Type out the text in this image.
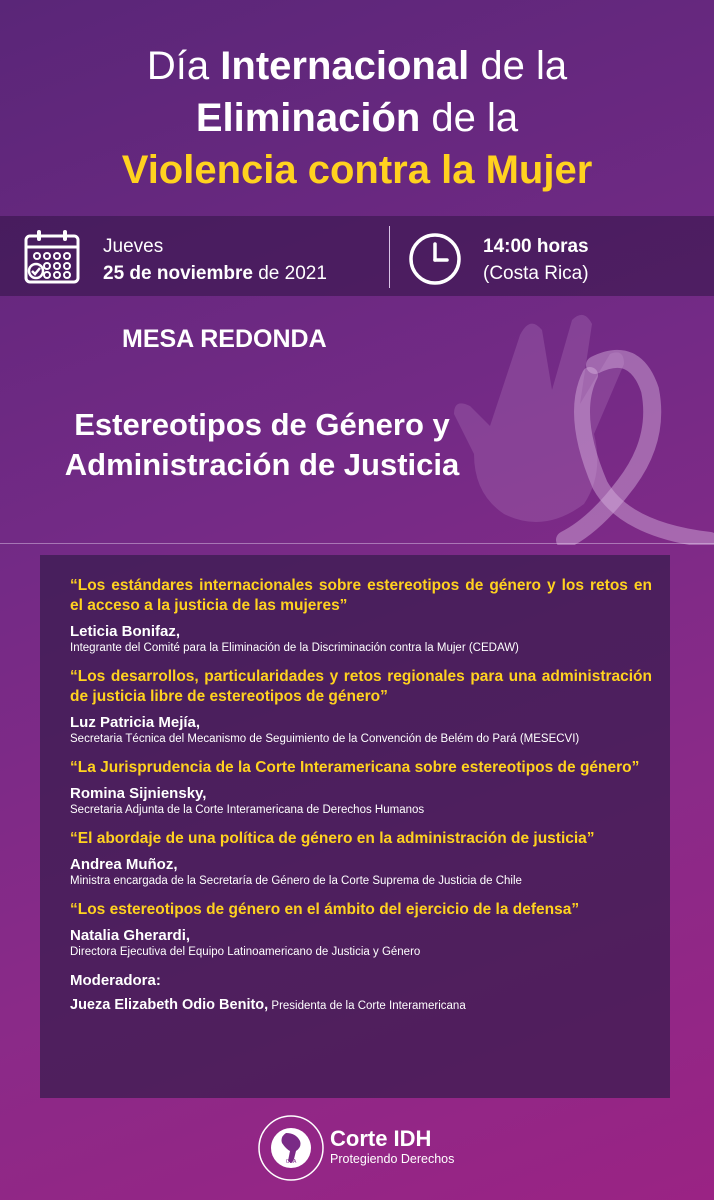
Día Internacional de la
Eliminación de la
Violencia contra la Mujer
Jueves
25 de noviembre de 2021
14:00 horas
(Costa Rica)
MESA REDONDA
Estereotipos de Género y
Administración de Justicia
“Los estándares internacionales sobre estereotipos de género y los retos en el acceso a la justicia de las mujeres”
Leticia Bonifaz,
Integrante del Comité para la Eliminación de la Discriminación contra la Mujer (CEDAW)
“Los desarrollos, particularidades y retos regionales para una administración de justicia libre de estereotipos de género”
Luz Patricia Mejía,
Secretaria Técnica del Mecanismo de Seguimiento de la Convención de Belém do Pará (MESECVI)
“La Jurisprudencia de la Corte Interamericana sobre estereotipos de género”
Romina Sijniensky,
Secretaria Adjunta de la Corte Interamericana de Derechos Humanos
“El abordaje de una política de género en la administración de justicia”
Andrea Muñoz,
Ministra encargada de la Secretaría de Género de la Corte Suprema de Justicia de Chile
“Los estereotipos de género en el ámbito del ejercicio de la defensa”
Natalia Gherardi,
Directora Ejecutiva del Equipo Latinoamericano de Justicia y Género
Moderadora:
Jueza Elizabeth Odio Benito, Presidenta de la Corte Interamericana
OEA
Corte IDH
Protegiendo Derechos
